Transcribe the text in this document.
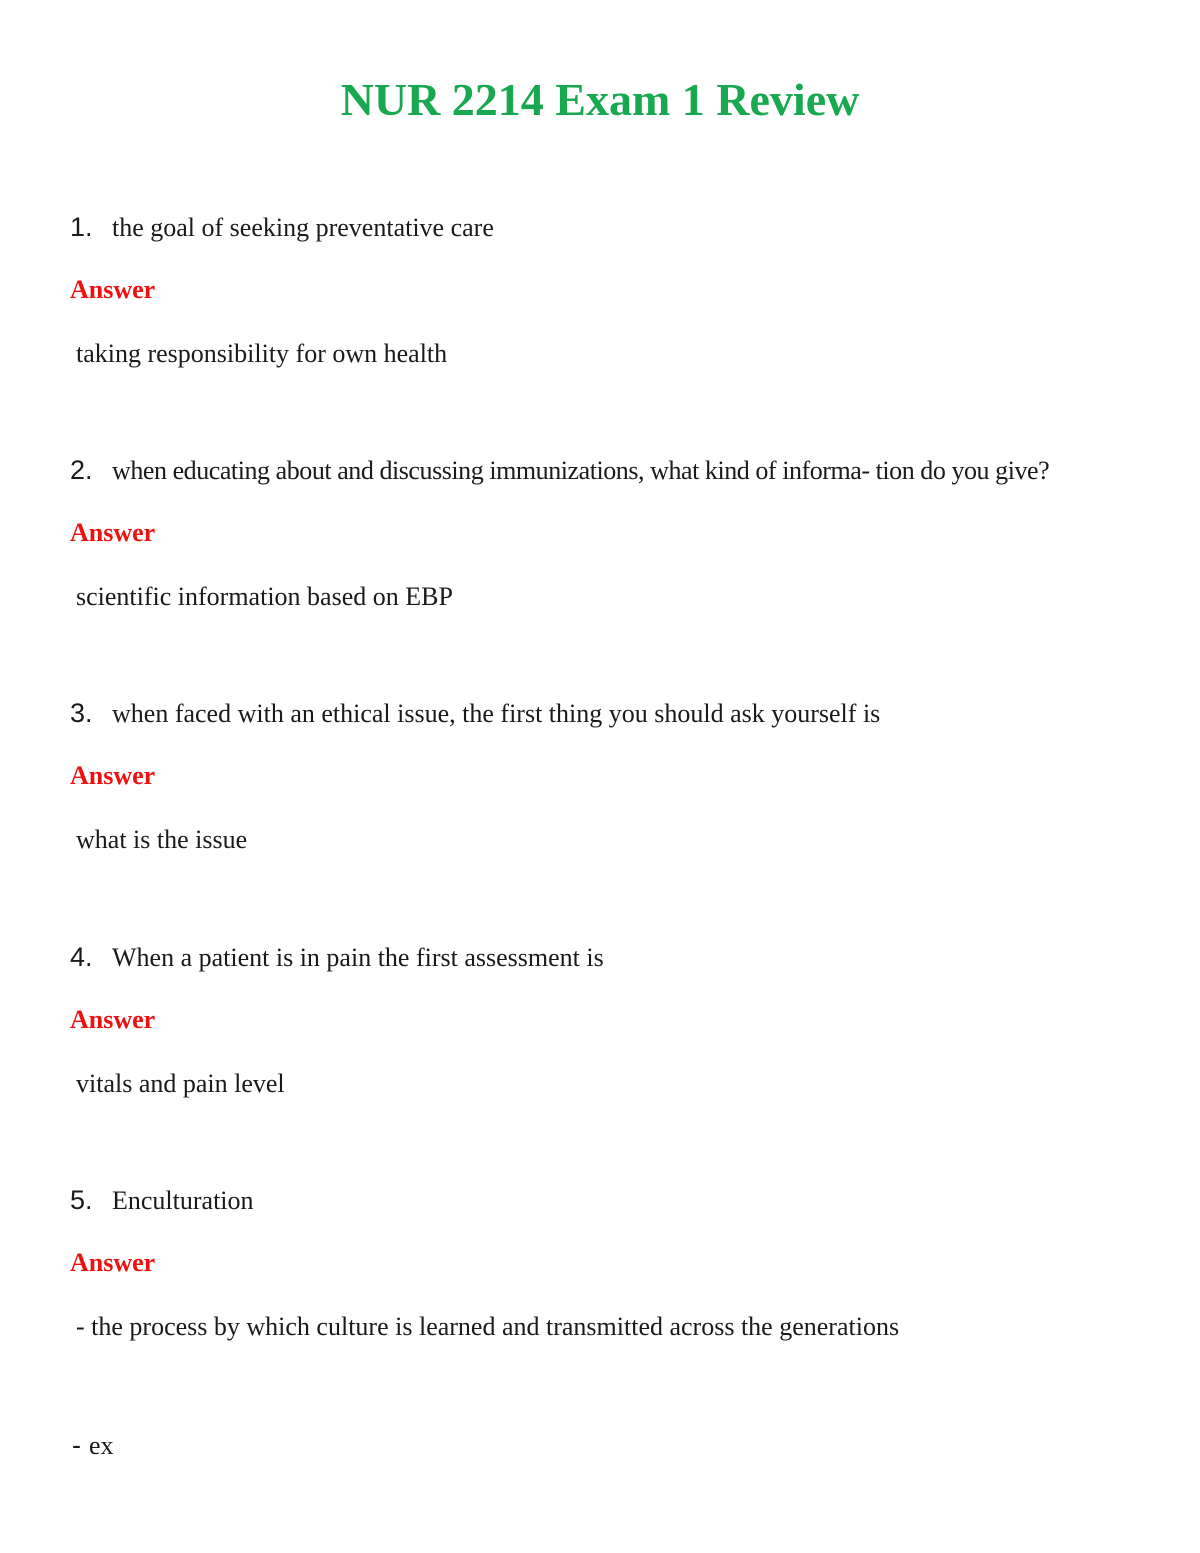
NUR 2214 Exam 1 Review
1. the goal of seeking preventative care
Answer
taking responsibility for own health
2. when educating about and discussing immunizations, what kind of informa- tion do you give?
Answer
scientific information based on EBP
3. when faced with an ethical issue, the first thing you should ask yourself is
Answer
what is the issue
4. When a patient is in pain the first assessment is
Answer
vitals and pain level
5. Enculturation
Answer
- the process by which culture is learned and transmitted across the generations
- ex
